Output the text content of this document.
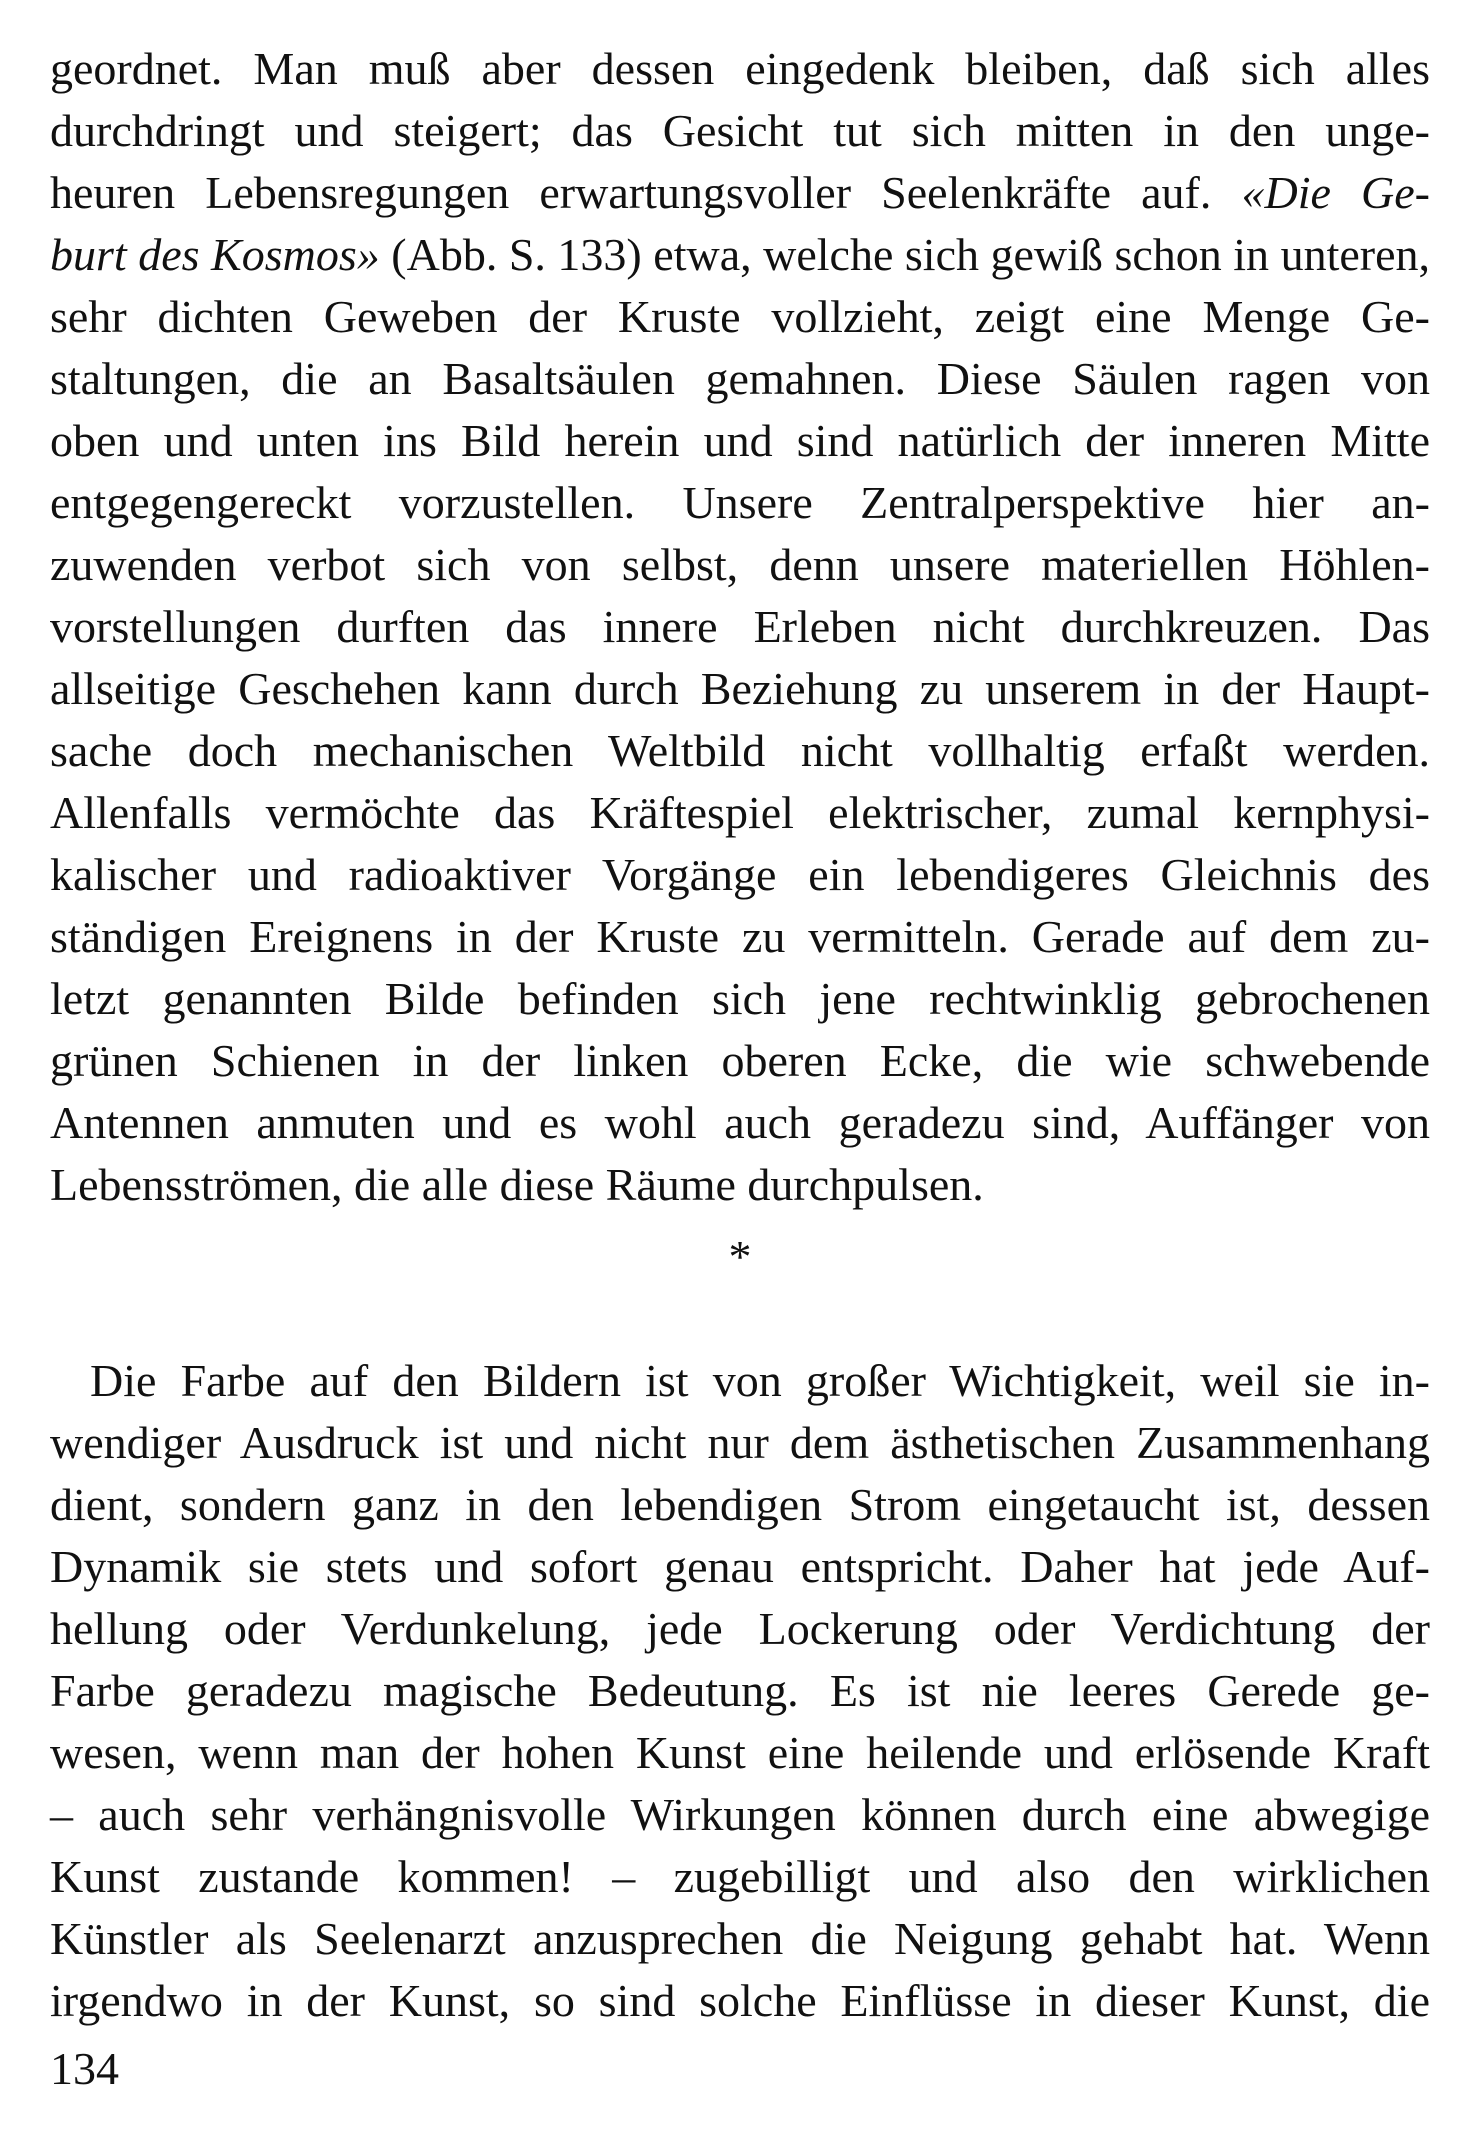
geordnet. Man muß aber dessen eingedenk bleiben, daß sich alles
durchdringt und steigert; das Gesicht tut sich mitten in den unge-
heuren Lebensregungen erwartungsvoller Seelenkräfte auf. «Die Ge-
burt des Kosmos» (Abb. S. 133) etwa, welche sich gewiß schon in unteren,
sehr dichten Geweben der Kruste vollzieht, zeigt eine Menge Ge-
staltungen, die an Basaltsäulen gemahnen. Diese Säulen ragen von
oben und unten ins Bild herein und sind natürlich der inneren Mitte
entgegengereckt vorzustellen. Unsere Zentralperspektive hier an-
zuwenden verbot sich von selbst, denn unsere materiellen Höhlen-
vorstellungen durften das innere Erleben nicht durchkreuzen. Das
allseitige Geschehen kann durch Beziehung zu unserem in der Haupt-
sache doch mechanischen Weltbild nicht vollhaltig erfaßt werden.
Allenfalls vermöchte das Kräftespiel elektrischer, zumal kernphysi-
kalischer und radioaktiver Vorgänge ein lebendigeres Gleichnis des
ständigen Ereignens in der Kruste zu vermitteln. Gerade auf dem zu-
letzt genannten Bilde befinden sich jene rechtwinklig gebrochenen
grünen Schienen in der linken oberen Ecke, die wie schwebende
Antennen anmuten und es wohl auch geradezu sind, Auffänger von
Lebensströmen, die alle diese Räume durchpulsen.
*
Die Farbe auf den Bildern ist von großer Wichtigkeit, weil sie in-
wendiger Ausdruck ist und nicht nur dem ästhetischen Zusammenhang
dient, sondern ganz in den lebendigen Strom eingetaucht ist, dessen
Dynamik sie stets und sofort genau entspricht. Daher hat jede Auf-
hellung oder Verdunkelung, jede Lockerung oder Verdichtung der
Farbe geradezu magische Bedeutung. Es ist nie leeres Gerede ge-
wesen, wenn man der hohen Kunst eine heilende und erlösende Kraft
– auch sehr verhängnisvolle Wirkungen können durch eine abwegige
Kunst zustande kommen! – zugebilligt und also den wirklichen
Künstler als Seelenarzt anzusprechen die Neigung gehabt hat. Wenn
irgendwo in der Kunst, so sind solche Einflüsse in dieser Kunst, die
134
